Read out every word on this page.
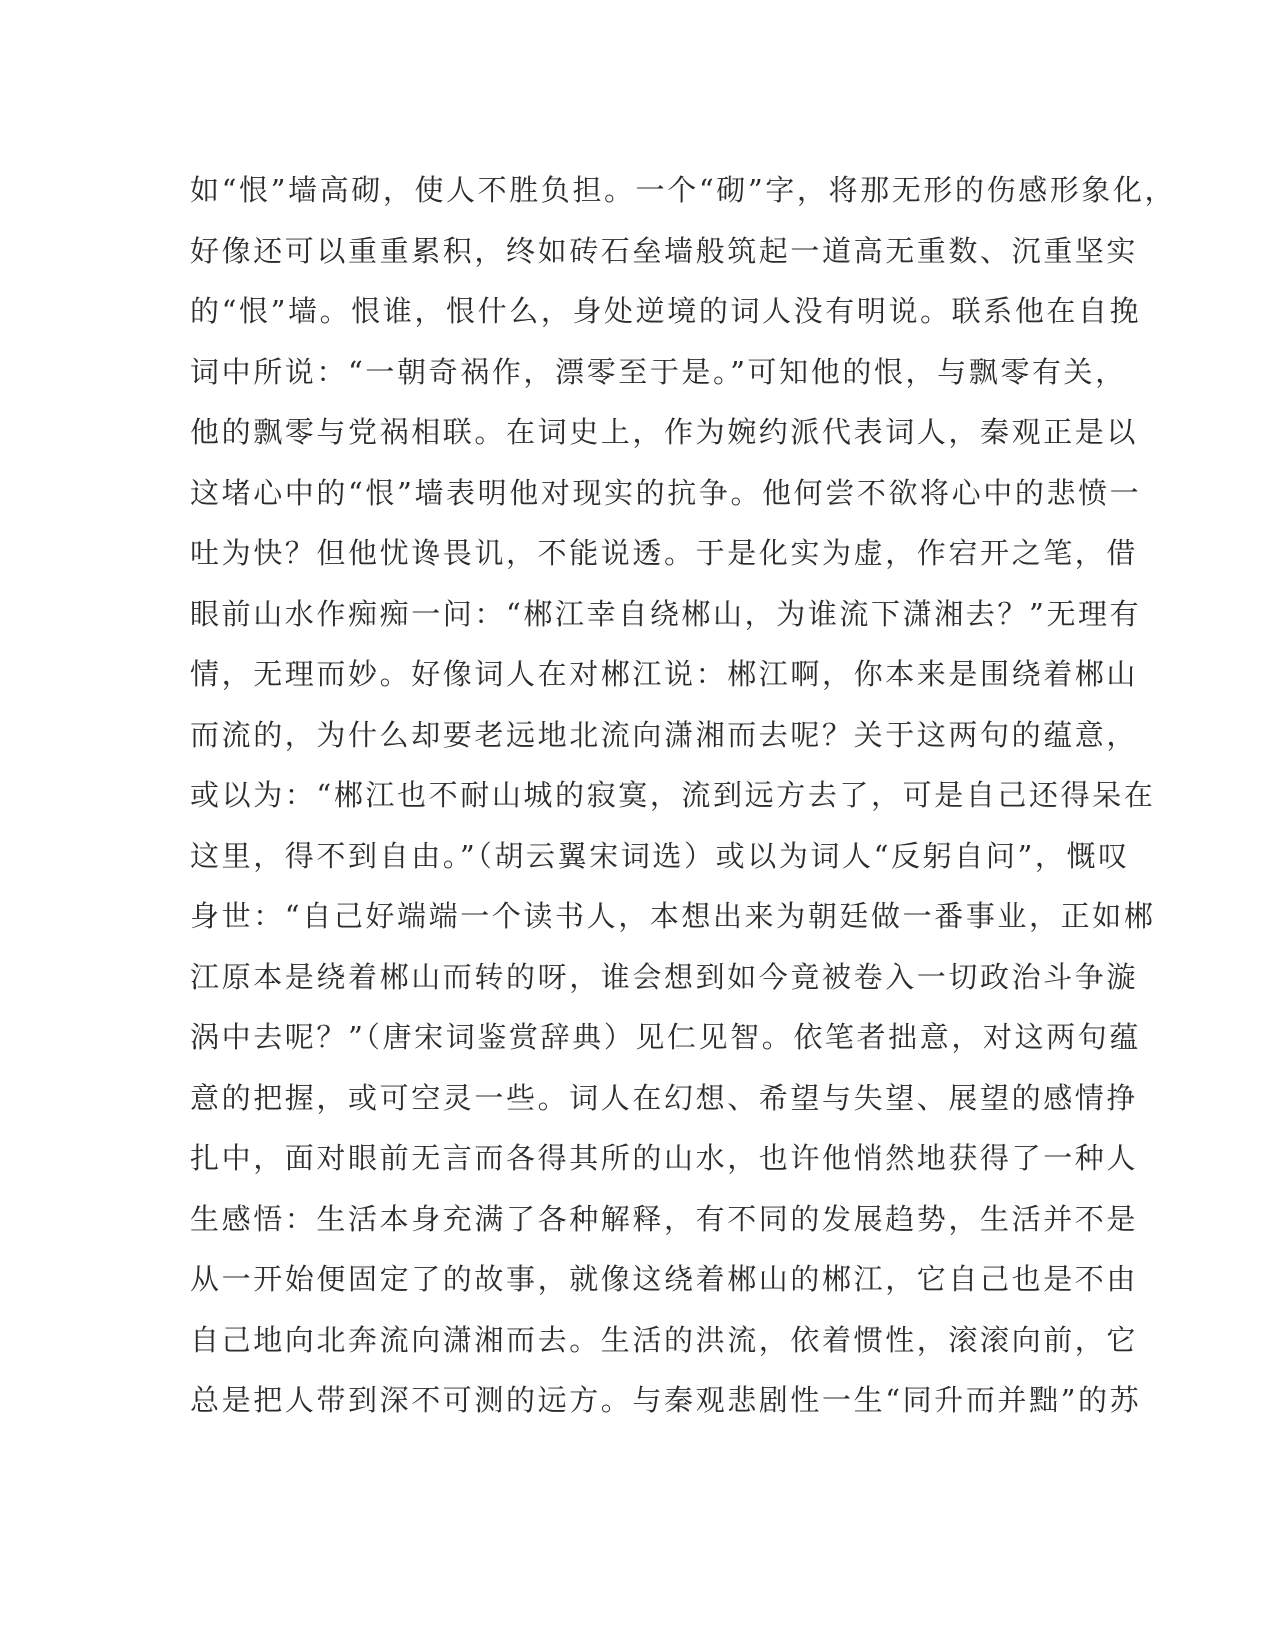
如“恨”墙高砌，使人不胜负担。一个“砌”字，将那无形的伤感形象化，
好像还可以重重累积，终如砖石垒墙般筑起一道高无重数、沉重坚实
的“恨”墙。恨谁，恨什么，身处逆境的词人没有明说。联系他在自挽
词中所说：“一朝奇祸作，漂零至于是。”可知他的恨，与飘零有关，
他的飘零与党祸相联。在词史上，作为婉约派代表词人，秦观正是以
这堵心中的“恨”墙表明他对现实的抗争。他何尝不欲将心中的悲愤一
吐为快？但他忧谗畏讥，不能说透。于是化实为虚，作宕开之笔，借
眼前山水作痴痴一问：“郴江幸自绕郴山，为谁流下潇湘去？”无理有
情，无理而妙。好像词人在对郴江说：郴江啊，你本来是围绕着郴山
而流的，为什么却要老远地北流向潇湘而去呢？关于这两句的蕴意，
或以为：“郴江也不耐山城的寂寞，流到远方去了，可是自己还得呆在
这里，得不到自由。”（胡云翼宋词选）或以为词人“反躬自问”，慨叹
身世：“自己好端端一个读书人，本想出来为朝廷做一番事业，正如郴
江原本是绕着郴山而转的呀，谁会想到如今竟被卷入一切政治斗争漩
涡中去呢？”（唐宋词鉴赏辞典）见仁见智。依笔者拙意，对这两句蕴
意的把握，或可空灵一些。词人在幻想、希望与失望、展望的感情挣
扎中，面对眼前无言而各得其所的山水，也许他悄然地获得了一种人
生感悟：生活本身充满了各种解释，有不同的发展趋势，生活并不是
从一开始便固定了的故事，就像这绕着郴山的郴江，它自己也是不由
自己地向北奔流向潇湘而去。生活的洪流，依着惯性，滚滚向前，它
总是把人带到深不可测的远方。与秦观悲剧性一生“同升而并黜”的苏
